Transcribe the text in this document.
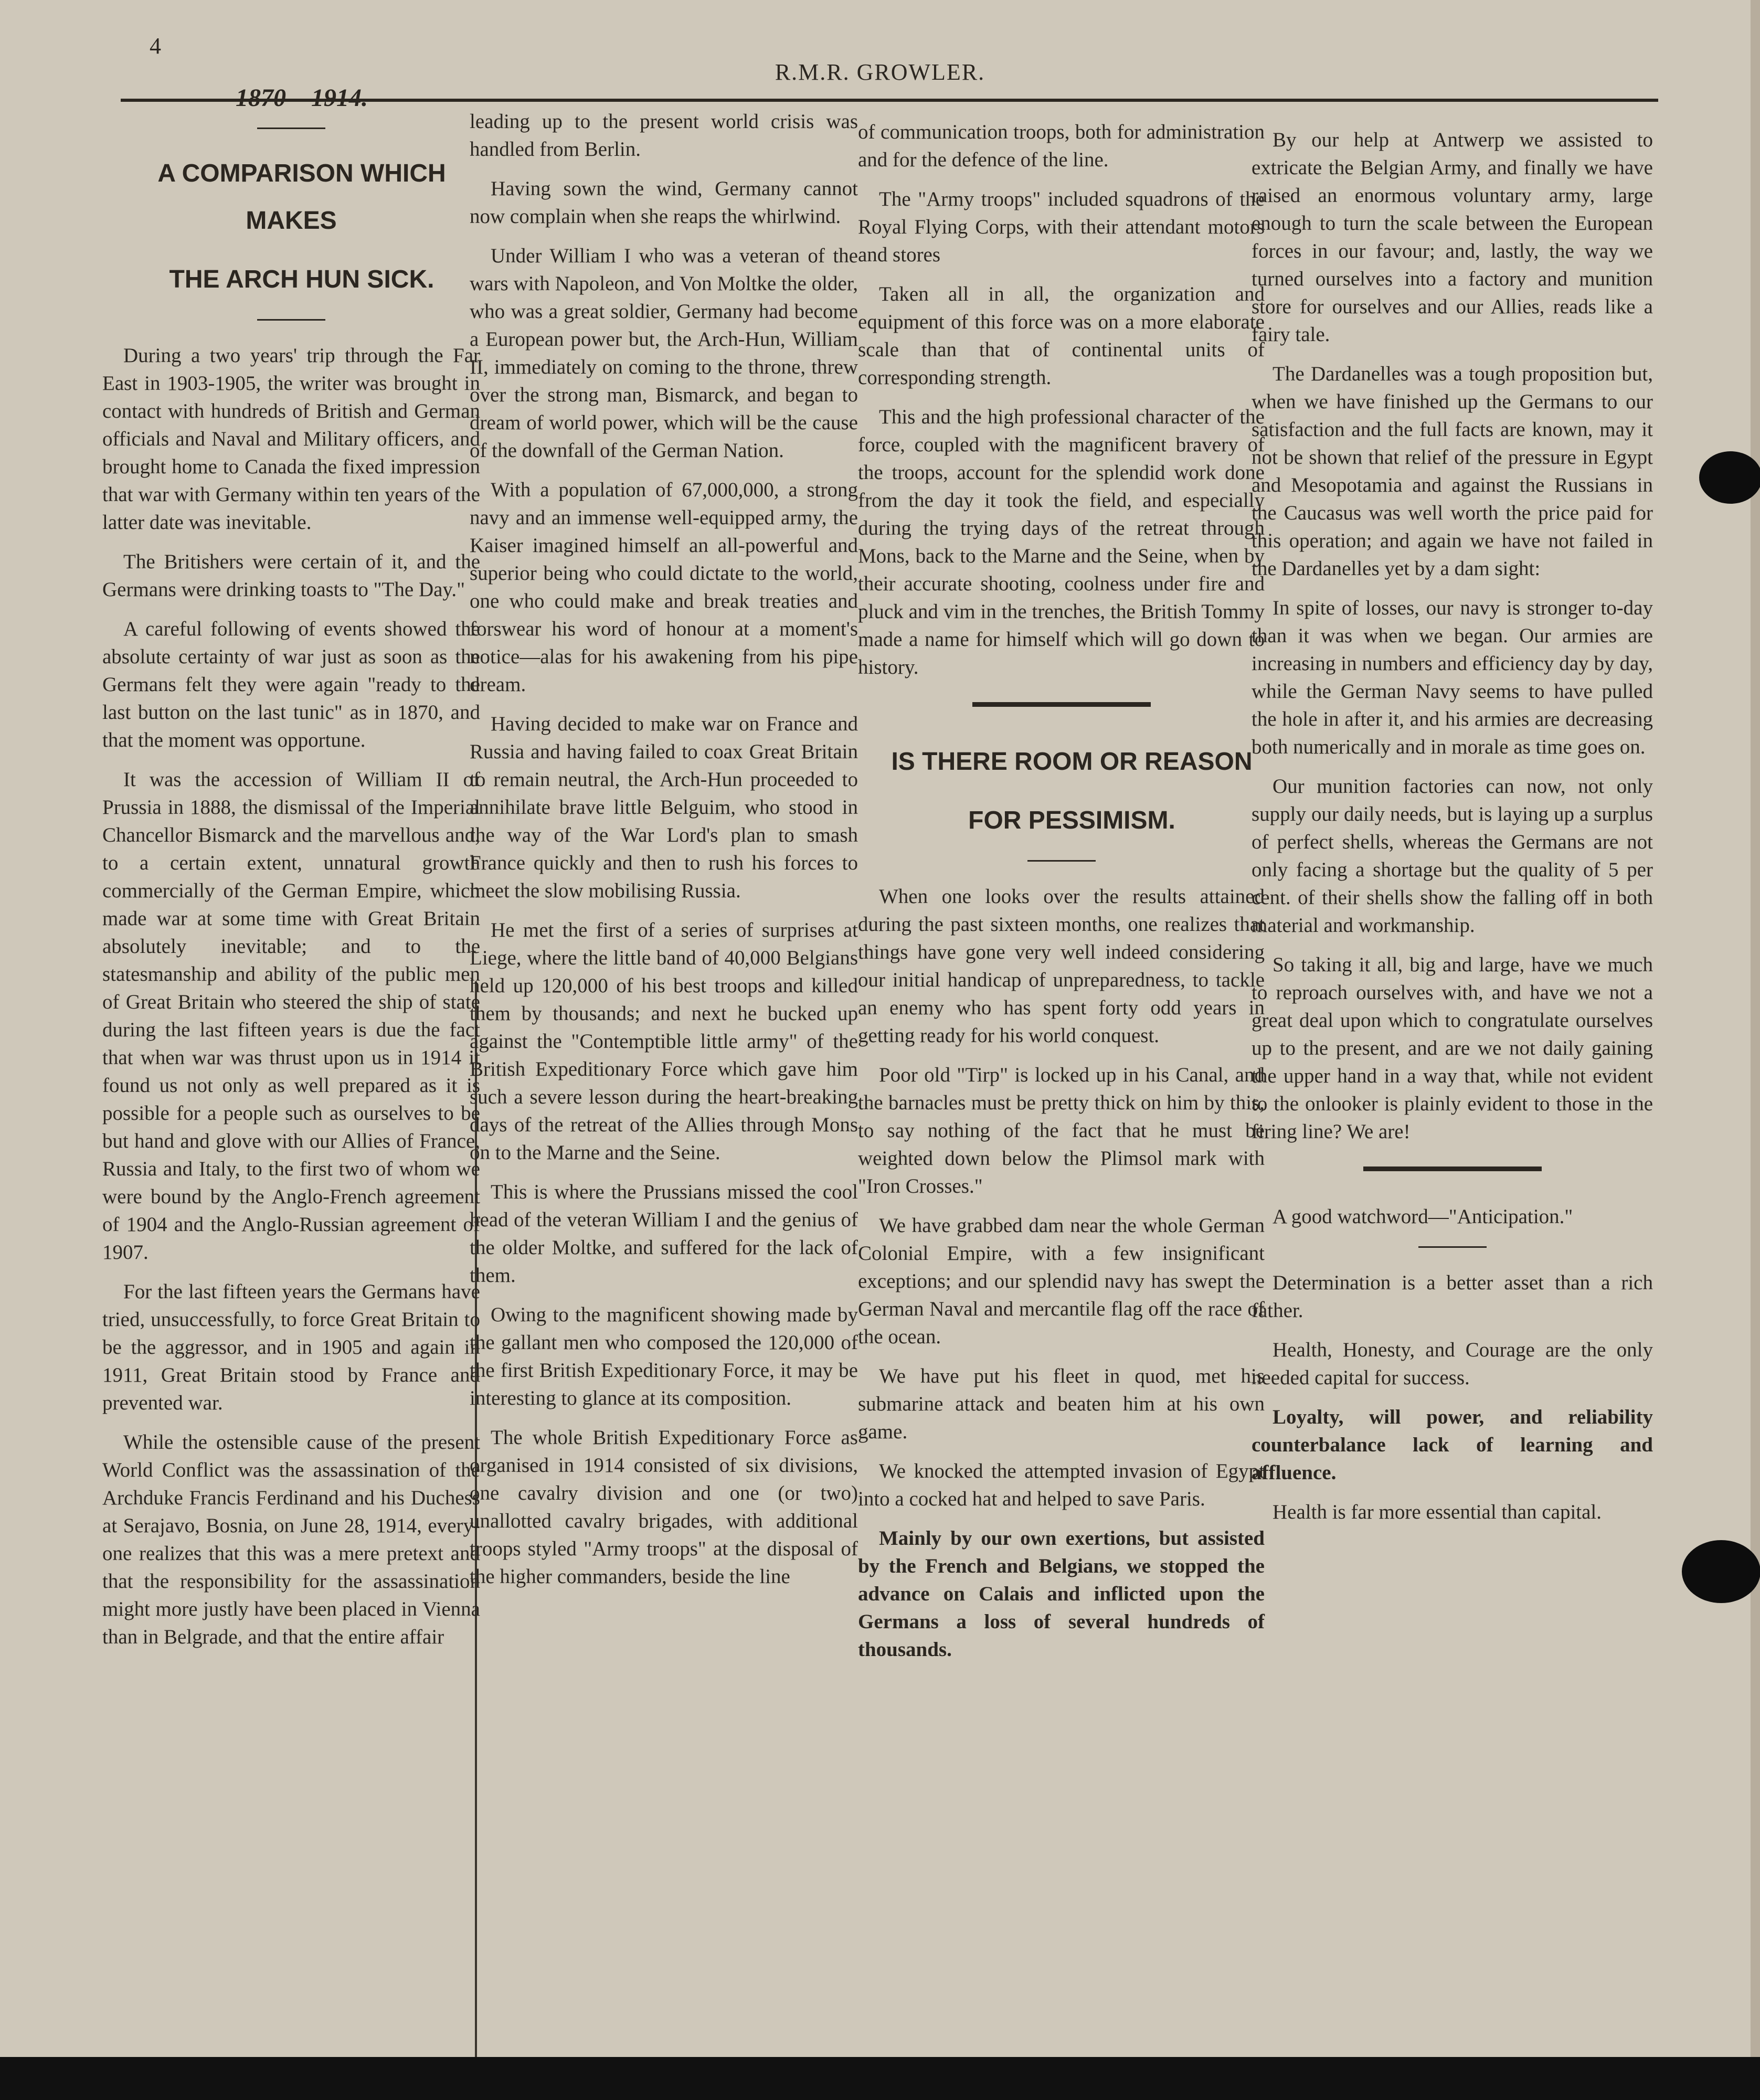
4
R.M.R. GROWLER.

1870—1914.

A COMPARISON WHICH MAKES

THE ARCH HUN SICK.

During a two years' trip through the Far East in 1903-1905, the writer was brought in contact with hundreds of British and German officials and Naval and Military officers, and brought home to Canada the fixed impression that war with Germany within ten years of the latter date was inevitable.

The Britishers were certain of it, and the Germans were drinking toasts to "The Day."

A careful following of events showed the absolute certainty of war just as soon as the Germans felt they were again "ready to the last button on the last tunic" as in 1870, and that the moment was opportune.

It was the accession of William II of Prussia in 1888, the dismissal of the Imperial Chancellor Bismarck and the marvellous and, to a certain extent, unnatural growth commercially of the German Empire, which made war at some time with Great Britain absolutely inevitable; and to the statesmanship and ability of the public men of Great Britain who steered the ship of state during the last fifteen years is due the fact that when war was thrust upon us in 1914 it found us not only as well prepared as it is possible for a people such as ourselves to be but hand and glove with our Allies of France, Russia and Italy, to the first two of whom we were bound by the Anglo-French agreement of 1904 and the Anglo-Russian agreement of 1907.

For the last fifteen years the Germans have tried, unsuccessfully, to force Great Britain to be the aggressor, and in 1905 and again in 1911, Great Britain stood by France and prevented war.

While the ostensible cause of the present World Conflict was the assassination of the Archduke Francis Ferdinand and his Duchess at Serajavo, Bosnia, on June 28, 1914, every-one realizes that this was a mere pretext and that the responsibility for the assassination might more justly have been placed in Vienna than in Belgrade, and that the entire affair

leading up to the present world crisis was handled from Berlin.

Having sown the wind, Germany cannot now complain when she reaps the whirlwind.

Under William I who was a veteran of the wars with Napoleon, and Von Moltke the older, who was a great soldier, Germany had become a European power but, the Arch-Hun, William II, immediately on coming to the throne, threw over the strong man, Bismarck, and began to dream of world power, which will be the cause of the downfall of the German Nation.

With a population of 67,000,000, a strong navy and an immense well-equipped army, the Kaiser imagined himself an all-powerful and superior being who could dictate to the world, one who could make and break treaties and forswear his word of honour at a moment's notice—alas for his awakening from his pipe dream.

Having decided to make war on France and Russia and having failed to coax Great Britain to remain neutral, the Arch-Hun proceeded to annihilate brave little Belguim, who stood in the way of the War Lord's plan to smash France quickly and then to rush his forces to meet the slow mobilising Russia.

He met the first of a series of surprises at Liege, where the little band of 40,000 Belgians held up 120,000 of his best troops and killed them by thousands; and next he bucked up against the "Contemptible little army" of the British Expeditionary Force which gave him such a severe lesson during the heart-breaking days of the retreat of the Allies through Mons on to the Marne and the Seine.

This is where the Prussians missed the cool head of the veteran William I and the genius of the older Moltke, and suffered for the lack of them.

Owing to the magnificent showing made by the gallant men who composed the 120,000 of the first British Expeditionary Force, it may be interesting to glance at its composition.

The whole British Expeditionary Force as organised in 1914 consisted of six divisions, one cavalry division and one (or two) unallotted cavalry brigades, with additional troops styled "Army troops" at the disposal of the higher commanders, beside the line

of communication troops, both for administration and for the defence of the line.

The "Army troops" included squadrons of the Royal Flying Corps, with their attendant motors and stores

Taken all in all, the organization and equipment of this force was on a more elaborate scale than that of continental units of corresponding strength.

This and the high professional character of the force, coupled with the magnificent bravery of the troops, account for the splendid work done from the day it took the field, and especially during the trying days of the retreat through Mons, back to the Marne and the Seine, when by their accurate shooting, coolness under fire and pluck and vim in the trenches, the British Tommy made a name for himself which will go down to history.

IS THERE ROOM OR REASON

FOR PESSIMISM.

When one looks over the results attained during the past sixteen months, one realizes that things have gone very well indeed considering our initial handicap of unpreparedness, to tackle an enemy who has spent forty odd years in getting ready for his world conquest.

Poor old "Tirp" is locked up in his Canal, and the barnacles must be pretty thick on him by this, to say nothing of the fact that he must be weighted down below the Plimsol mark with "Iron Crosses."

We have grabbed dam near the whole German Colonial Empire, with a few insignificant exceptions; and our splendid navy has swept the German Naval and mercantile flag off the race of the ocean.

We have put his fleet in quod, met his submarine attack and beaten him at his own game.

We knocked the attempted invasion of Egypt into a cocked hat and helped to save Paris.

Mainly by our own exertions, but assisted by the French and Belgians, we stopped the advance on Calais and inflicted upon the Germans a loss of several hundreds of thousands.

By our help at Antwerp we assisted to extricate the Belgian Army, and finally we have raised an enormous voluntary army, large enough to turn the scale between the European forces in our favour; and, lastly, the way we turned ourselves into a factory and munition store for ourselves and our Allies, reads like a fairy tale.

The Dardanelles was a tough proposition but, when we have finished up the Germans to our satisfaction and the full facts are known, may it not be shown that relief of the pressure in Egypt and Mesopotamia and against the Russians in the Caucasus was well worth the price paid for this operation; and again we have not failed in the Dardanelles yet by a dam sight:

In spite of losses, our navy is stronger to-day than it was when we began. Our armies are increasing in numbers and efficiency day by day, while the German Navy seems to have pulled the hole in after it, and his armies are decreasing both numerically and in morale as time goes on.

Our munition factories can now, not only supply our daily needs, but is laying up a surplus of perfect shells, whereas the Germans are not only facing a shortage but the quality of 5 per cent. of their shells show the falling off in both material and workmanship.

So taking it all, big and large, have we much to reproach ourselves with, and have we not a great deal upon which to congratulate ourselves up to the present, and are we not daily gaining the upper hand in a way that, while not evident to the onlooker is plainly evident to those in the firing line? We are!

A good watchword—"Anticipation."

Determination is a better asset than a rich father.

Health, Honesty, and Courage are the only needed capital for success.

Loyalty, will power, and reliability counterbalance lack of learning and affluence.

Health is far more essential than capital.
